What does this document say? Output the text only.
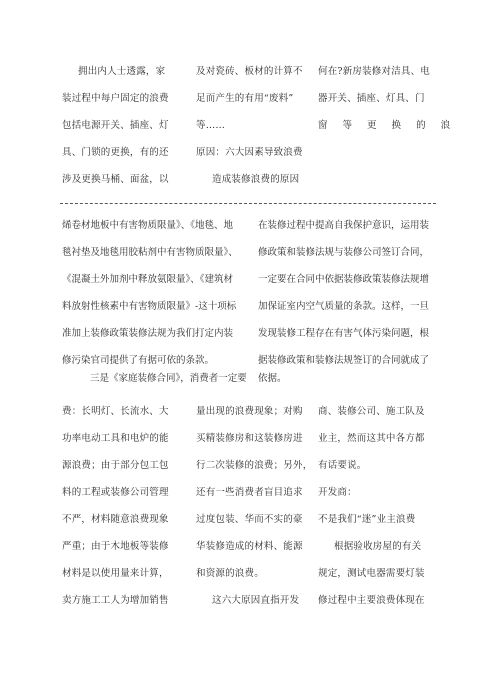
拥出内人士透露，家
装过程中每户固定的浪费
包括电源开关、插座、灯
具、门锁的更换，有的还
涉及更换马桶、面盆，以
及对瓷砖、板材的计算不
足而产生的有用“废料”
等……
原因：六大因素导致浪费
造成装修浪费的原因
何在?新房装修对洁具、电
器开关、插座、灯具、门
窗 等 更 换 的 浪
烯卷材地板中有害物质限量》、《地毯、地
毯衬垫及地毯用胶粘剂中有害物质限量》、
《混凝土外加剂中释放氨限量》、《建筑材
料放射性核素中有害物质限量》-这十项标
准加上装修政策装修法规为我们打定内装
修污染官司提供了有据可依的条款。
在装修过程中提高自我保护意识，运用装
修政策和装修法规与装修公司签订合同，
一定要在合同中依据装修政策装修法规增
加保证室内空气质量的条款。这样，一旦
发现装修工程存在有害气体污染问题，根
据装修政策和装修法规签订的合同就成了
三是《家庭装修合同》，消费者一定要 依据。
费：长明灯、长流水、大
功率电动工具和电炉的能
源浪费；由于部分包工包
料的工程或装修公司管理
不严，材料随意浪费现象
严重；由于木地板等装修
材料是以使用量来计算，
卖方施工工人为增加销售
量出现的浪费现象；对购
买精装修房和这装修房进
行二次装修的浪费；另外，
还有一些消费者盲目追求
过度包装、华而不实的豪
华装修造成的材料、能源
和资源的浪费。
这六大原因直指开发
商、装修公司、施工队及
业主，然而这其中各方都
有话要说。
开发商：
不是我们“迷”业主浪费
根据验收房屋的有关
规定，测试电器需要灯装
修过程中主要浪费体现在
